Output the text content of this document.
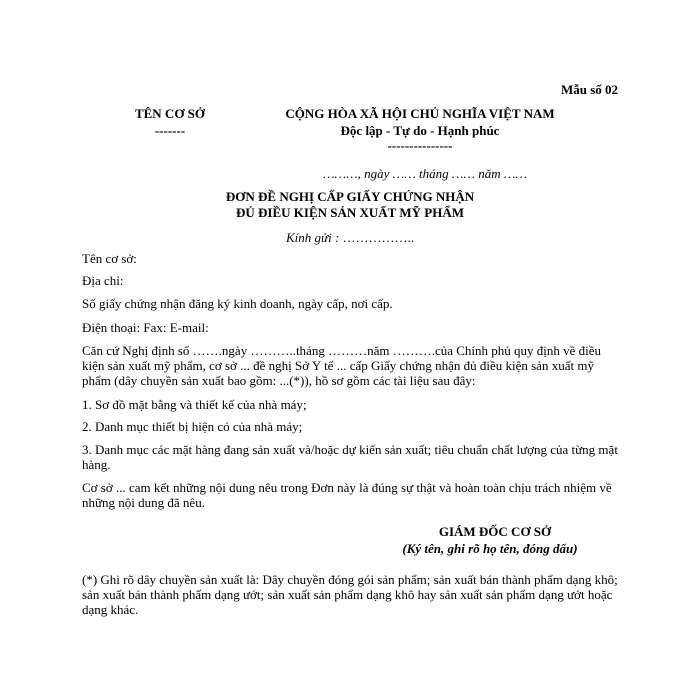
Mẫu số 02
TÊN CƠ SỞ
-------
CỘNG HÒA XÃ HỘI CHỦ NGHĨA VIỆT NAM
Độc lập - Tự do - Hạnh phúc
---------------
………, ngày …… tháng …… năm ……
ĐƠN ĐỀ NGHỊ CẤP GIẤY CHỨNG NHẬN
ĐỦ ĐIỀU KIỆN SẢN XUẤT MỸ PHẨM
Kính gửi : ……………..
Tên cơ sở:
Địa chỉ:
Số giấy chứng nhận đăng ký kinh doanh, ngày cấp, nơi cấp.
Điện thoại: Fax: E-mail:
Căn cứ Nghị định số …….ngày ………..tháng ………năm ……….của Chính phủ quy định về điều kiện sản xuất mỹ phẩm, cơ sở ... đề nghị Sở Y tế ... cấp Giấy chứng nhận đủ điều kiện sản xuất mỹ phẩm (dây chuyền sản xuất bao gồm: ...(*)), hồ sơ gồm các tài liệu sau đây:
1. Sơ đồ mặt bằng và thiết kế của nhà máy;
2. Danh mục thiết bị hiện có của nhà máy;
3. Danh mục các mặt hàng đang sản xuất và/hoặc dự kiến sản xuất; tiêu chuẩn chất lượng của từng mặt hàng.
Cơ sở ... cam kết những nội dung nêu trong Đơn này là đúng sự thật và hoàn toàn chịu trách nhiệm về những nội dung đã nêu.
GIÁM ĐỐC CƠ SỞ
(Ký tên, ghi rõ họ tên, đóng dấu)
(*) Ghi rõ dây chuyền sản xuất là: Dây chuyền đóng gói sản phẩm; sản xuất bán thành phẩm dạng khô; sản xuất bán thành phẩm dạng ướt; sản xuất sản phẩm dạng khô hay sản xuất sản phẩm dạng ướt hoặc dạng khác.
